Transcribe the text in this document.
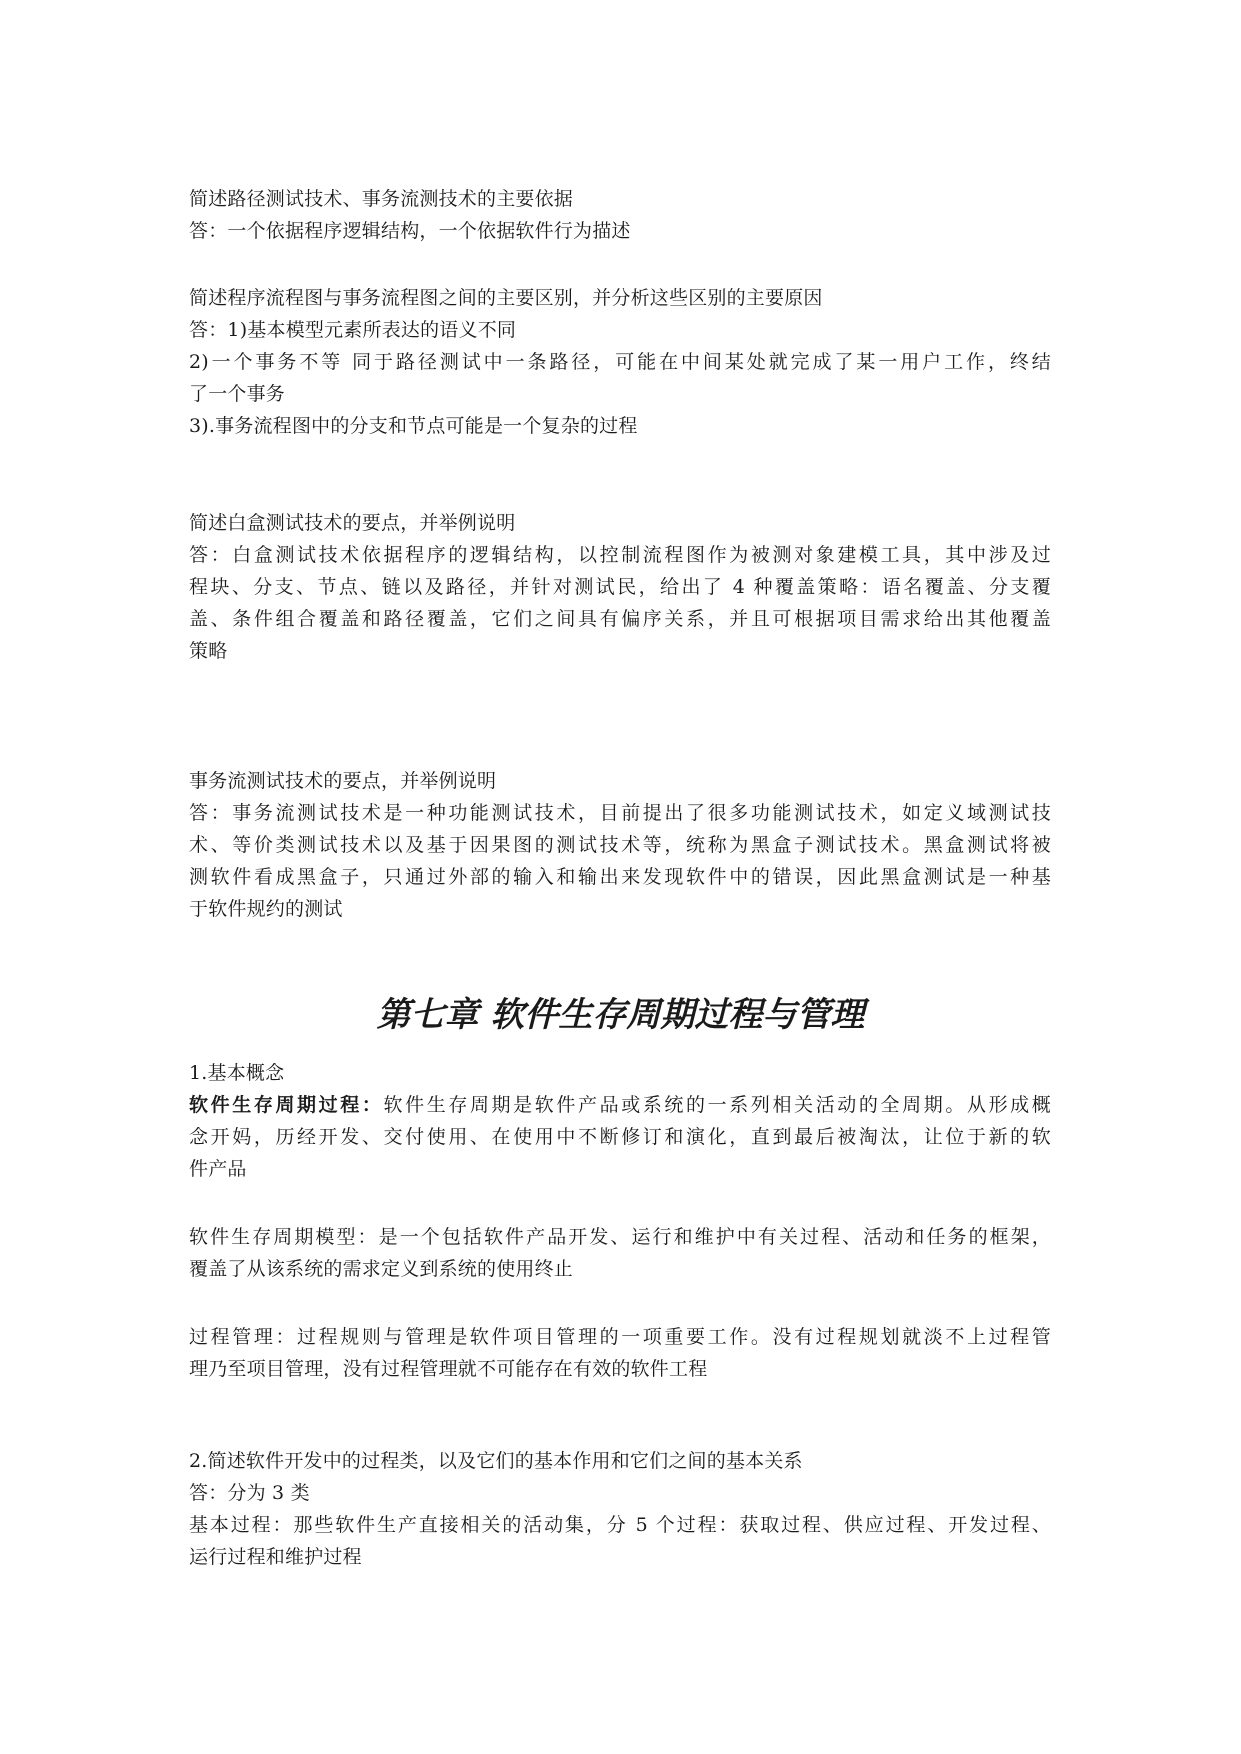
简述路径测试技术、事务流测技术的主要依据
答：一个依据程序逻辑结构，一个依据软件行为描述
简述程序流程图与事务流程图之间的主要区别，并分析这些区别的主要原因
答：1)基本模型元素所表达的语义不同
2)一个事务不等 同于路径测试中一条路径，可能在中间某处就完成了某一用户工作，终结
了一个事务
3).事务流程图中的分支和节点可能是一个复杂的过程
简述白盒测试技术的要点，并举例说明
答：白盒测试技术依据程序的逻辑结构，以控制流程图作为被测对象建模工具，其中涉及过
程块、分支、节点、链以及路径，并针对测试民，给出了 4 种覆盖策略：语名覆盖、分支覆
盖、条件组合覆盖和路径覆盖，它们之间具有偏序关系，并且可根据项目需求给出其他覆盖
策略
事务流测试技术的要点，并举例说明
答：事务流测试技术是一种功能测试技术，目前提出了很多功能测试技术，如定义域测试技
术、等价类测试技术以及基于因果图的测试技术等，统称为黑盒子测试技术。黑盒测试将被
测软件看成黑盒子，只通过外部的输入和输出来发现软件中的错误，因此黑盒测试是一种基
于软件规约的测试
第七章 软件生存周期过程与管理
1.基本概念
软件生存周期过程：软件生存周期是软件产品或系统的一系列相关活动的全周期。从形成概
念开妈，历经开发、交付使用、在使用中不断修订和演化，直到最后被淘汰，让位于新的软
件产品
软件生存周期模型：是一个包括软件产品开发、运行和维护中有关过程、活动和任务的框架，
覆盖了从该系统的需求定义到系统的使用终止
过程管理：过程规则与管理是软件项目管理的一项重要工作。没有过程规划就淡不上过程管
理乃至项目管理，没有过程管理就不可能存在有效的软件工程
2.简述软件开发中的过程类，以及它们的基本作用和它们之间的基本关系
答：分为 3 类
基本过程：那些软件生产直接相关的活动集，分 5 个过程：获取过程、供应过程、开发过程、
运行过程和维护过程
